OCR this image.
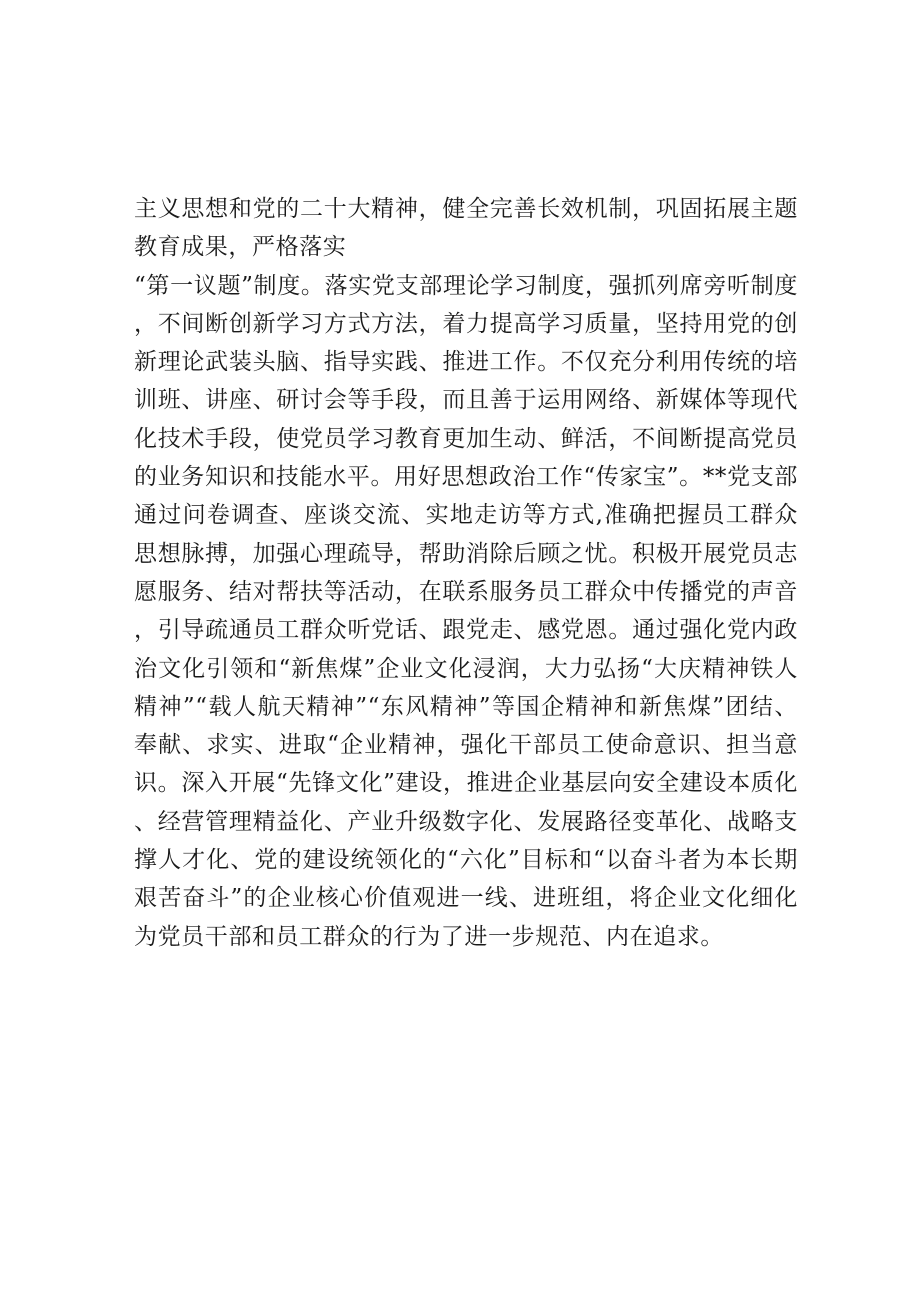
主义思想和党的二十大精神，健全完善长效机制，巩固拓展主题教育成果，严格落实

“第一议题”制度。落实党支部理论学习制度，强抓列席旁听制度，不间断创新学习方式方法，着力提高学习质量，坚持用党的创新理论武装头脑、指导实践、推进工作。不仅充分利用传统的培训班、讲座、研讨会等手段，而且善于运用网络、新媒体等现代化技术手段，使党员学习教育更加生动、鲜活，不间断提高党员的业务知识和技能水平。用好思想政治工作“传家宝”。**党支部通过问卷调查、座谈交流、实地走访等方式,准确把握员工群众思想脉搏，加强心理疏导，帮助消除后顾之忧。积极开展党员志愿服务、结对帮扶等活动，在联系服务员工群众中传播党的声音，引导疏通员工群众听党话、跟党走、感党恩。通过强化党内政治文化引领和“新焦煤”企业文化浸润，大力弘扬“大庆精神铁人精神”“载人航天精神”“东风精神”等国企精神和新焦煤”团结、奉献、求实、进取“企业精神，强化干部员工使命意识、担当意识。深入开展“先锋文化”建设，推进企业基层向安全建设本质化、经营管理精益化、产业升级数字化、发展路径变革化、战略支撑人才化、党的建设统领化的“六化”目标和“以奋斗者为本长期艰苦奋斗”的企业核心价值观进一线、进班组，将企业文化细化为党员干部和员工群众的行为了进一步规范、内在追求。
